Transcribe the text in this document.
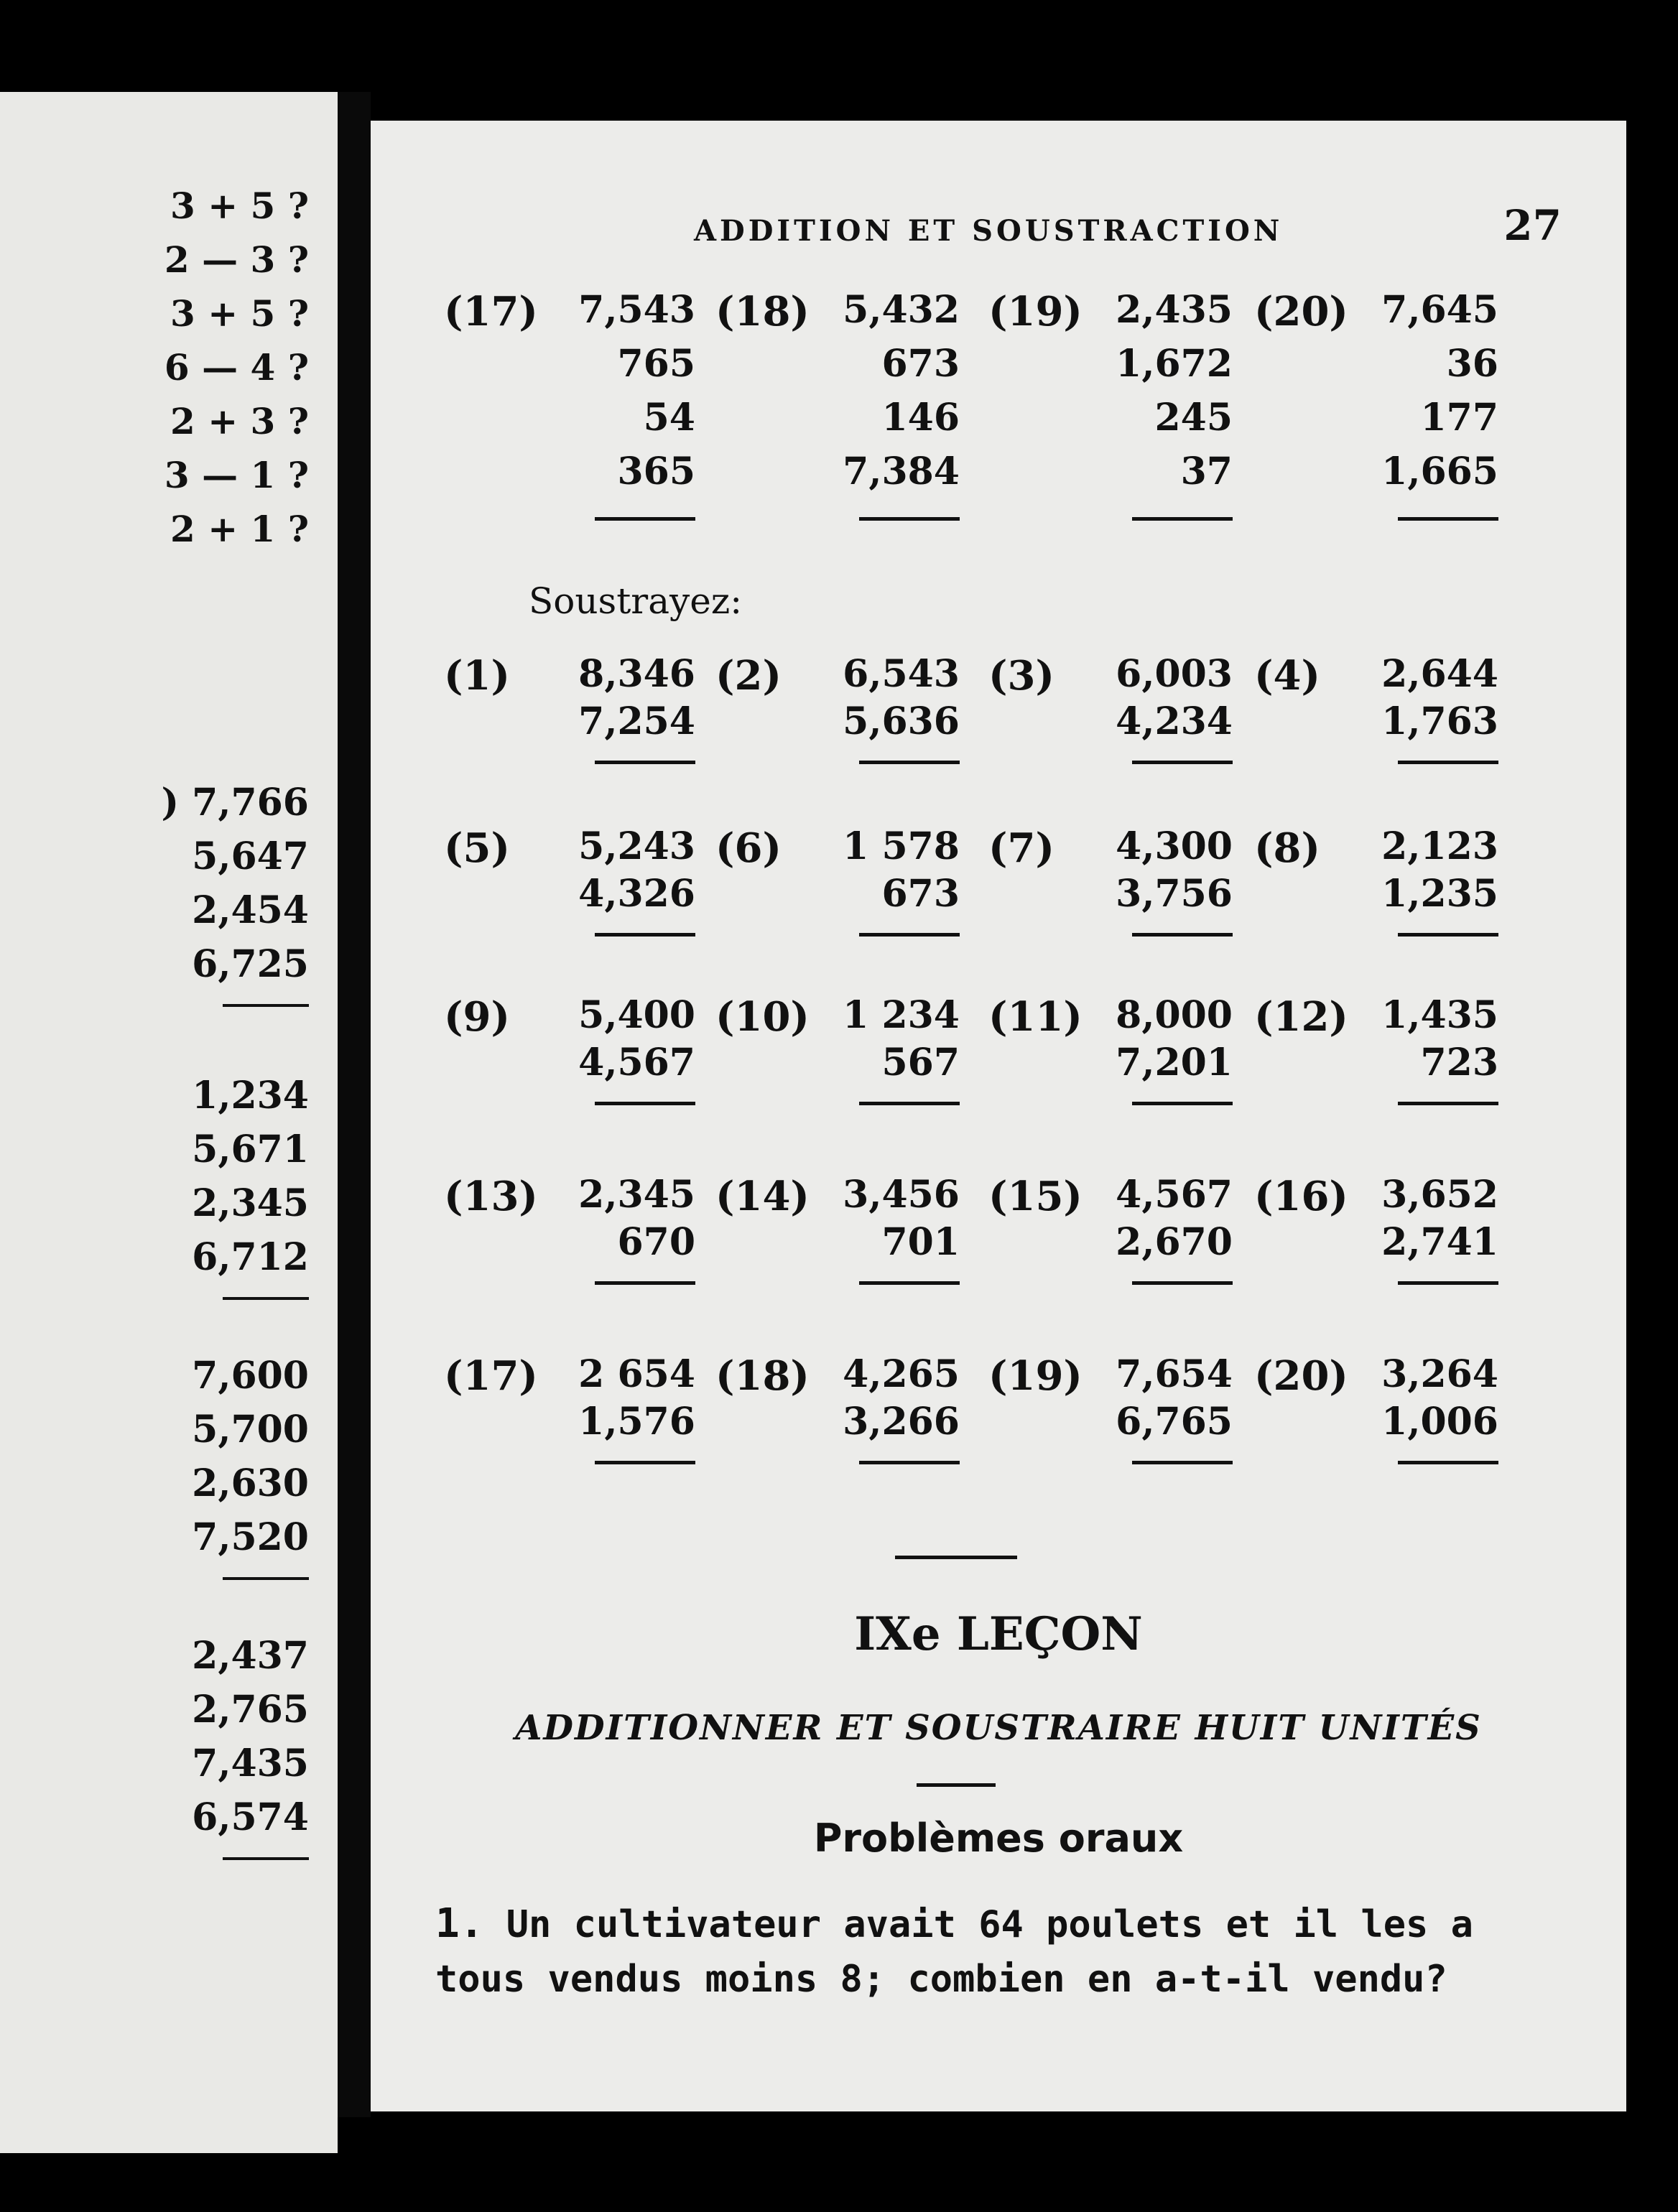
3 + 5 ?
2 — 3 ?
3 + 5 ?
6 — 4 ?
2 + 3 ?
3 — 1 ?
2 + 1 ?
) 7,766
5,647
2,454
6,725
1,234
5,671
2,345
6,712
7,600
5,700
2,630
7,520
2,437
2,765
7,435
6,574
ADDITION ET SOUSTRACTION	27
(17) 7,543
765
54
365
(18) 5,432
673
146
7,384
(19) 2,435
1,672
245
37
(20) 7,645
36
177
1,665
Soustrayez:
(1) 8,346
7,254
(2) 6,543
5,636
(3) 6,003
4,234
(4) 2,644
1,763
(5) 5,243
4,326
(6) 1 578
673
(7) 4,300
3,756
(8) 2,123
1,235
(9) 5,400
4,567
(10) 1 234
567
(11) 8,000
7,201
(12) 1,435
723
(13) 2,345
670
(14) 3,456
701
(15) 4,567
2,670
(16) 3,652
2,741
(17) 2 654
1,576
(18) 4,265
3,266
(19) 7,654
6,765
(20) 3,264
1,006
IXe LEÇON
ADDITIONNER ET SOUSTRAIRE HUIT UNITÉS
Problèmes oraux
1. Un cultivateur avait 64 poulets et il les a tous vendus moins 8; combien en a-t-il vendu?
